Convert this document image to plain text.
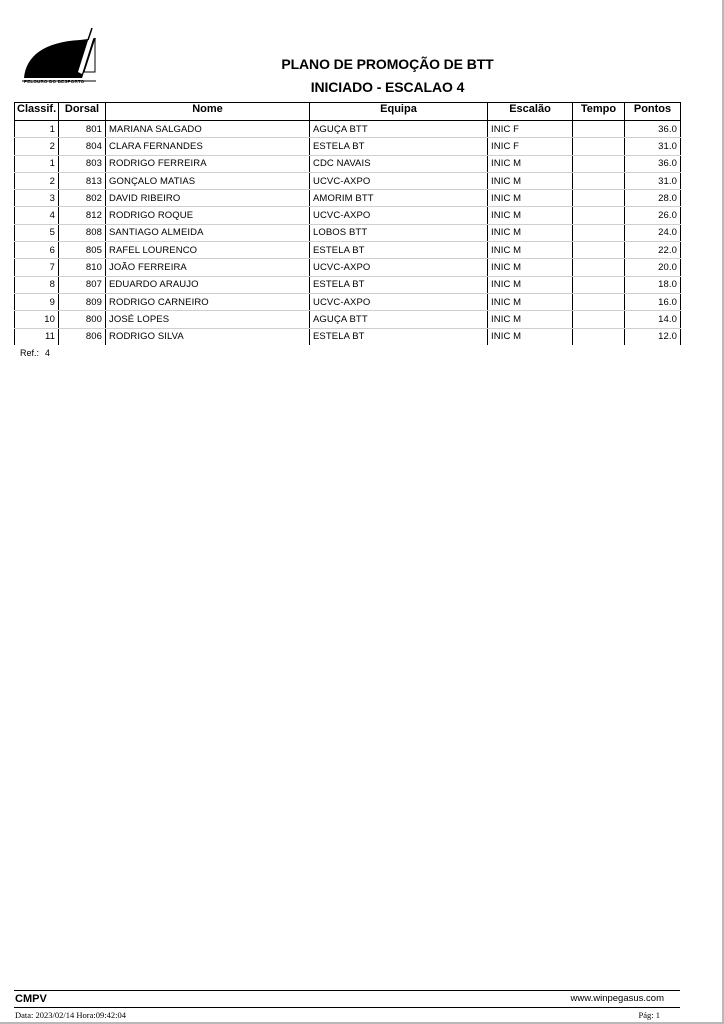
PELOURO DO DESPORTO
PLANO DE PROMOÇÃO DE BTT
INICIADO - ESCALAO 4
Classif.	Dorsal	Nome	Equipa	Escalão	Tempo	Pontos
1	801	MARIANA SALGADO	AGUÇA BTT	INIC F		36.0
2	804	CLARA FERNANDES	ESTELA BT	INIC F		31.0
1	803	RODRIGO FERREIRA	CDC NAVAIS	INIC M		36.0
2	813	GONÇALO MATIAS	UCVC-AXPO	INIC M		31.0
3	802	DAVID RIBEIRO	AMORIM BTT	INIC M		28.0
4	812	RODRIGO ROQUE	UCVC-AXPO	INIC M		26.0
5	808	SANTIAGO ALMEIDA	LOBOS BTT	INIC M		24.0
6	805	RAFEL LOURENCO	ESTELA BT	INIC M		22.0
7	810	JOÃO FERREIRA	UCVC-AXPO	INIC M		20.0
8	807	EDUARDO ARAUJO	ESTELA BT	INIC M		18.0
9	809	RODRIGO CARNEIRO	UCVC-AXPO	INIC M		16.0
10	800	JOSÉ LOPES	AGUÇA BTT	INIC M		14.0
11	806	RODRIGO SILVA	ESTELA BT	INIC M		12.0
Ref.: 4
CMPV	www.winpegasus.com
Data: 2023/02/14 Hora:09:42:04	Pág: 1
